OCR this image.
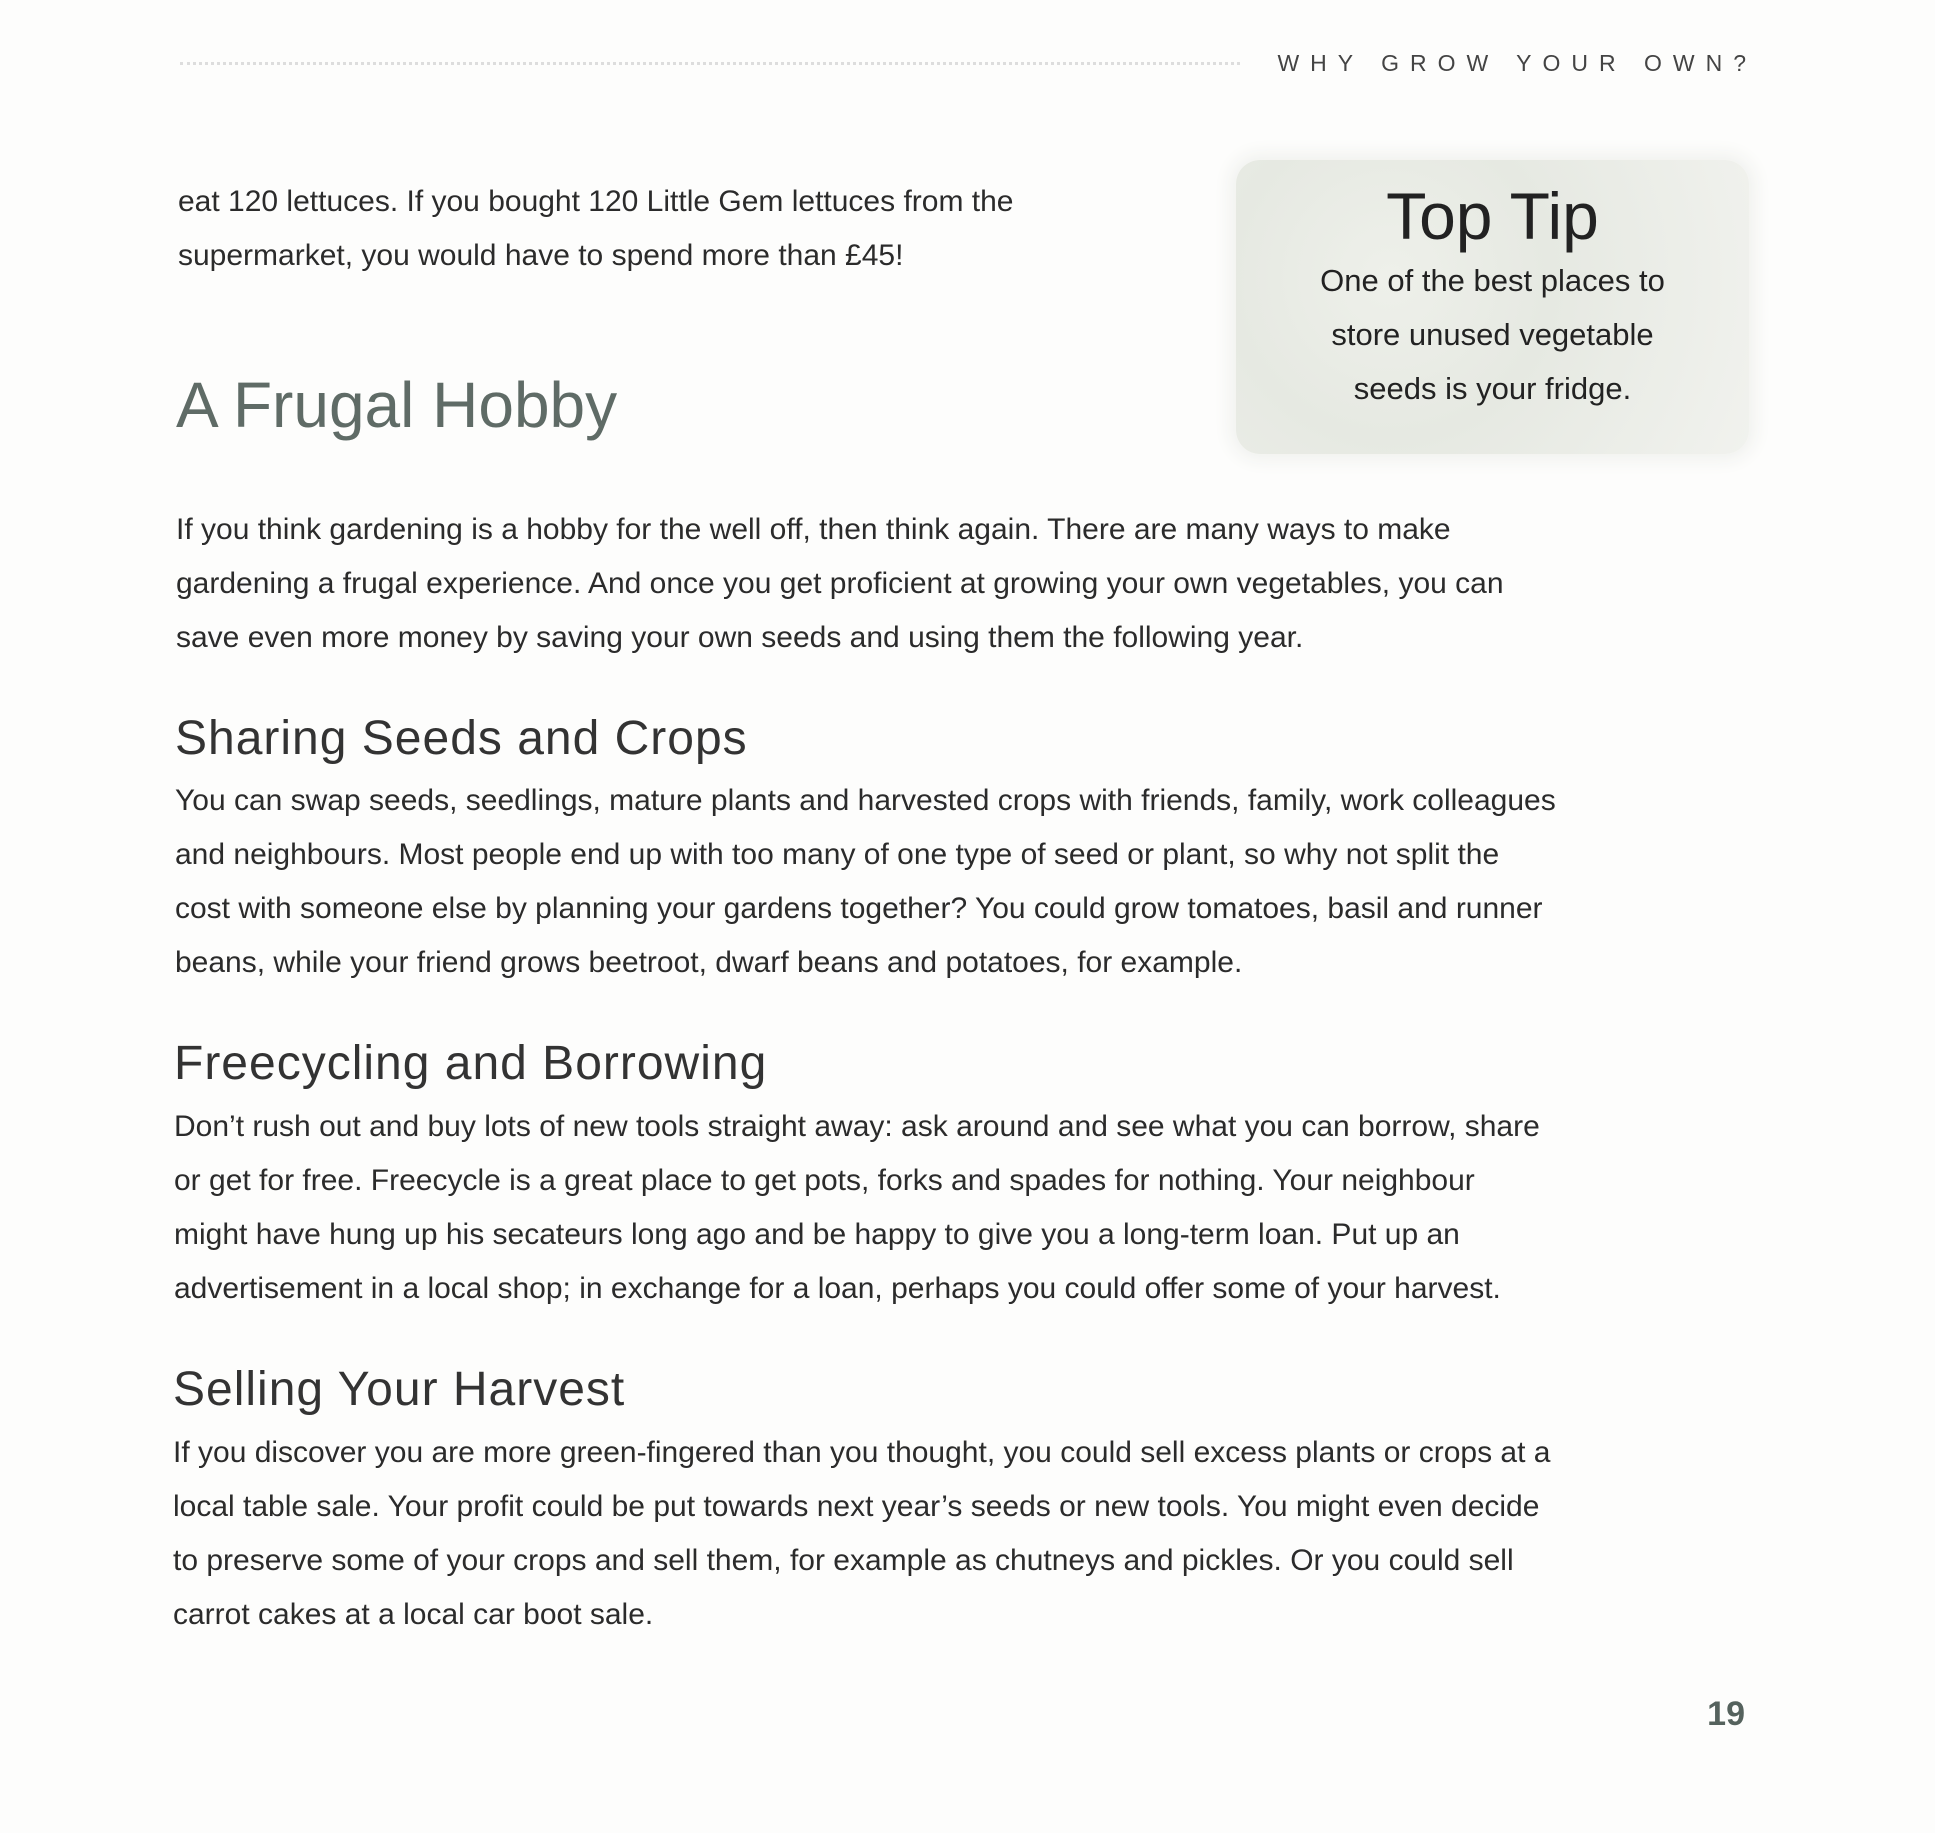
WHY GROW YOUR OWN?
eat 120 lettuces. If you bought 120 Little Gem lettuces from the
supermarket, you would have to spend more than £45!
Top Tip
One of the best places to
store unused vegetable
seeds is your fridge.
A Frugal Hobby
If you think gardening is a hobby for the well off, then think again. There are many ways to make
gardening a frugal experience. And once you get proficient at growing your own vegetables, you can
save even more money by saving your own seeds and using them the following year.
Sharing Seeds and Crops
You can swap seeds, seedlings, mature plants and harvested crops with friends, family, work colleagues
and neighbours. Most people end up with too many of one type of seed or plant, so why not split the
cost with someone else by planning your gardens together? You could grow tomatoes, basil and runner
beans, while your friend grows beetroot, dwarf beans and potatoes, for example.
Freecycling and Borrowing
Don’t rush out and buy lots of new tools straight away: ask around and see what you can borrow, share
or get for free. Freecycle is a great place to get pots, forks and spades for nothing. Your neighbour
might have hung up his secateurs long ago and be happy to give you a long-term loan. Put up an
advertisement in a local shop; in exchange for a loan, perhaps you could offer some of your harvest.
Selling Your Harvest
If you discover you are more green-fingered than you thought, you could sell excess plants or crops at a
local table sale. Your profit could be put towards next year’s seeds or new tools. You might even decide
to preserve some of your crops and sell them, for example as chutneys and pickles. Or you could sell
carrot cakes at a local car boot sale.
19
